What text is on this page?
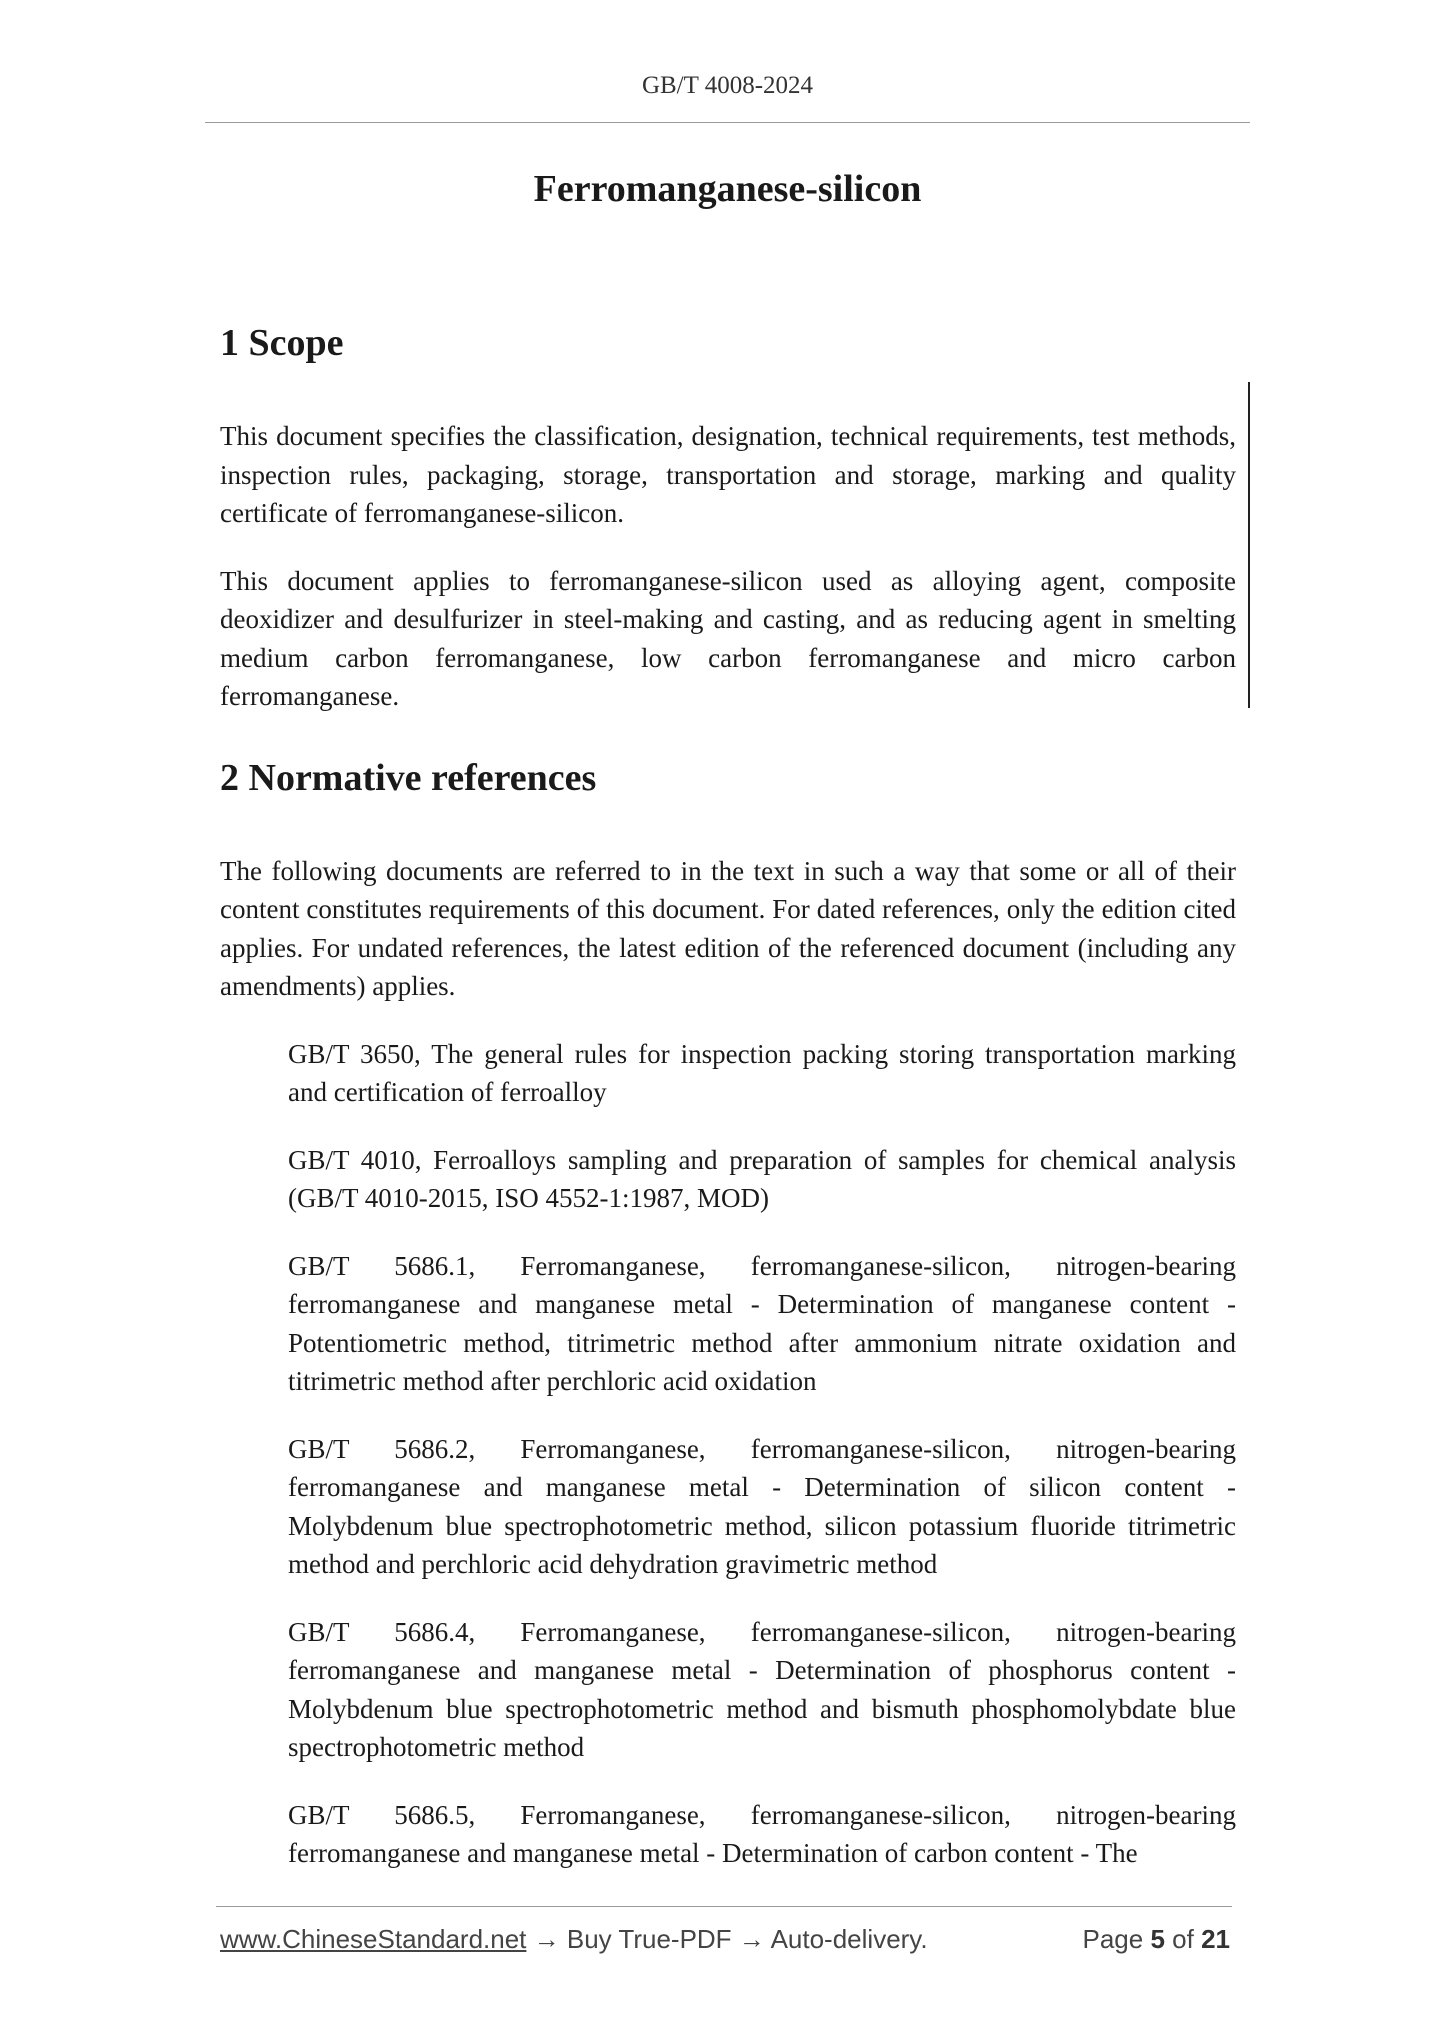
GB/T 4008-2024
Ferromanganese-silicon
1 Scope

This document specifies the classification, designation, technical requirements, test methods, inspection rules, packaging, storage, transportation and storage, marking and quality certificate of ferromanganese-silicon.

This document applies to ferromanganese-silicon used as alloying agent, composite deoxidizer and desulfurizer in steel-making and casting, and as reducing agent in smelting medium carbon ferromanganese, low carbon ferromanganese and micro carbon ferromanganese.

2 Normative references

The following documents are referred to in the text in such a way that some or all of their content constitutes requirements of this document. For dated references, only the edition cited applies. For undated references, the latest edition of the referenced document (including any amendments) applies.

GB/T 3650, The general rules for inspection packing storing transportation marking and certification of ferroalloy

GB/T 4010, Ferroalloys sampling and preparation of samples for chemical analysis (GB/T 4010-2015, ISO 4552-1:1987, MOD)

GB/T 5686.1, Ferromanganese, ferromanganese-silicon, nitrogen-bearing ferromanganese and manganese metal - Determination of manganese content - Potentiometric method, titrimetric method after ammonium nitrate oxidation and titrimetric method after perchloric acid oxidation

GB/T 5686.2, Ferromanganese, ferromanganese-silicon, nitrogen-bearing ferromanganese and manganese metal - Determination of silicon content - Molybdenum blue spectrophotometric method, silicon potassium fluoride titrimetric method and perchloric acid dehydration gravimetric method

GB/T 5686.4, Ferromanganese, ferromanganese-silicon, nitrogen-bearing ferromanganese and manganese metal - Determination of phosphorus content - Molybdenum blue spectrophotometric method and bismuth phosphomolybdate blue spectrophotometric method

GB/T 5686.5, Ferromanganese, ferromanganese-silicon, nitrogen-bearing ferromanganese and manganese metal - Determination of carbon content - The

www.ChineseStandard.net → Buy True-PDF → Auto-delivery.	Page 5 of 21
